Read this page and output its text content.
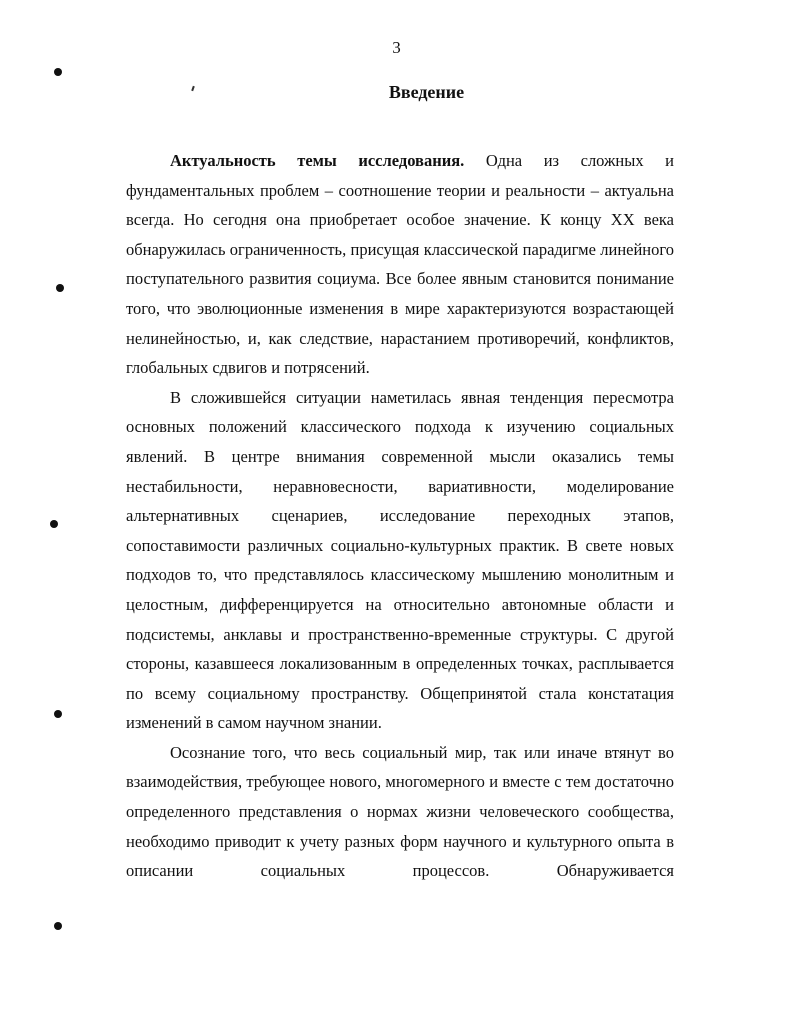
3
Введение

Актуальность темы исследования. Одна из сложных и фундаментальных проблем – соотношение теории и реальности – актуальна всегда. Но сегодня она приобретает особое значение. К концу XX века обнаружилась ограниченность, присущая классической парадигме линейного поступательного развития социума. Все более явным становится понимание того, что эволюционные изменения в мире характеризуются возрастающей нелинейностью, и, как следствие, нарастанием противоречий, конфликтов, глобальных сдвигов и потрясений.

В сложившейся ситуации наметилась явная тенденция пересмотра основных положений классического подхода к изучению социальных явлений. В центре внимания современной мысли оказались темы нестабильности, неравновесности, вариативности, моделирование альтернативных сценариев, исследование переходных этапов, сопоставимости различных социально-культурных практик. В свете новых подходов то, что представлялось классическому мышлению монолитным и целостным, дифференцируется на относительно автономные области и подсистемы, анклавы и пространственно-временные структуры. С другой стороны, казавшееся локализованным в определенных точках, расплывается по всему социальному пространству. Общепринятой стала констатация изменений в самом научном знании.

Осознание того, что весь социальный мир, так или иначе втянут во взаимодействия, требующее нового, многомерного и вместе с тем достаточно определенного представления о нормах жизни человеческого сообщества, необходимо приводит к учету разных форм научного и культурного опыта в описании социальных процессов. Обнаруживается
